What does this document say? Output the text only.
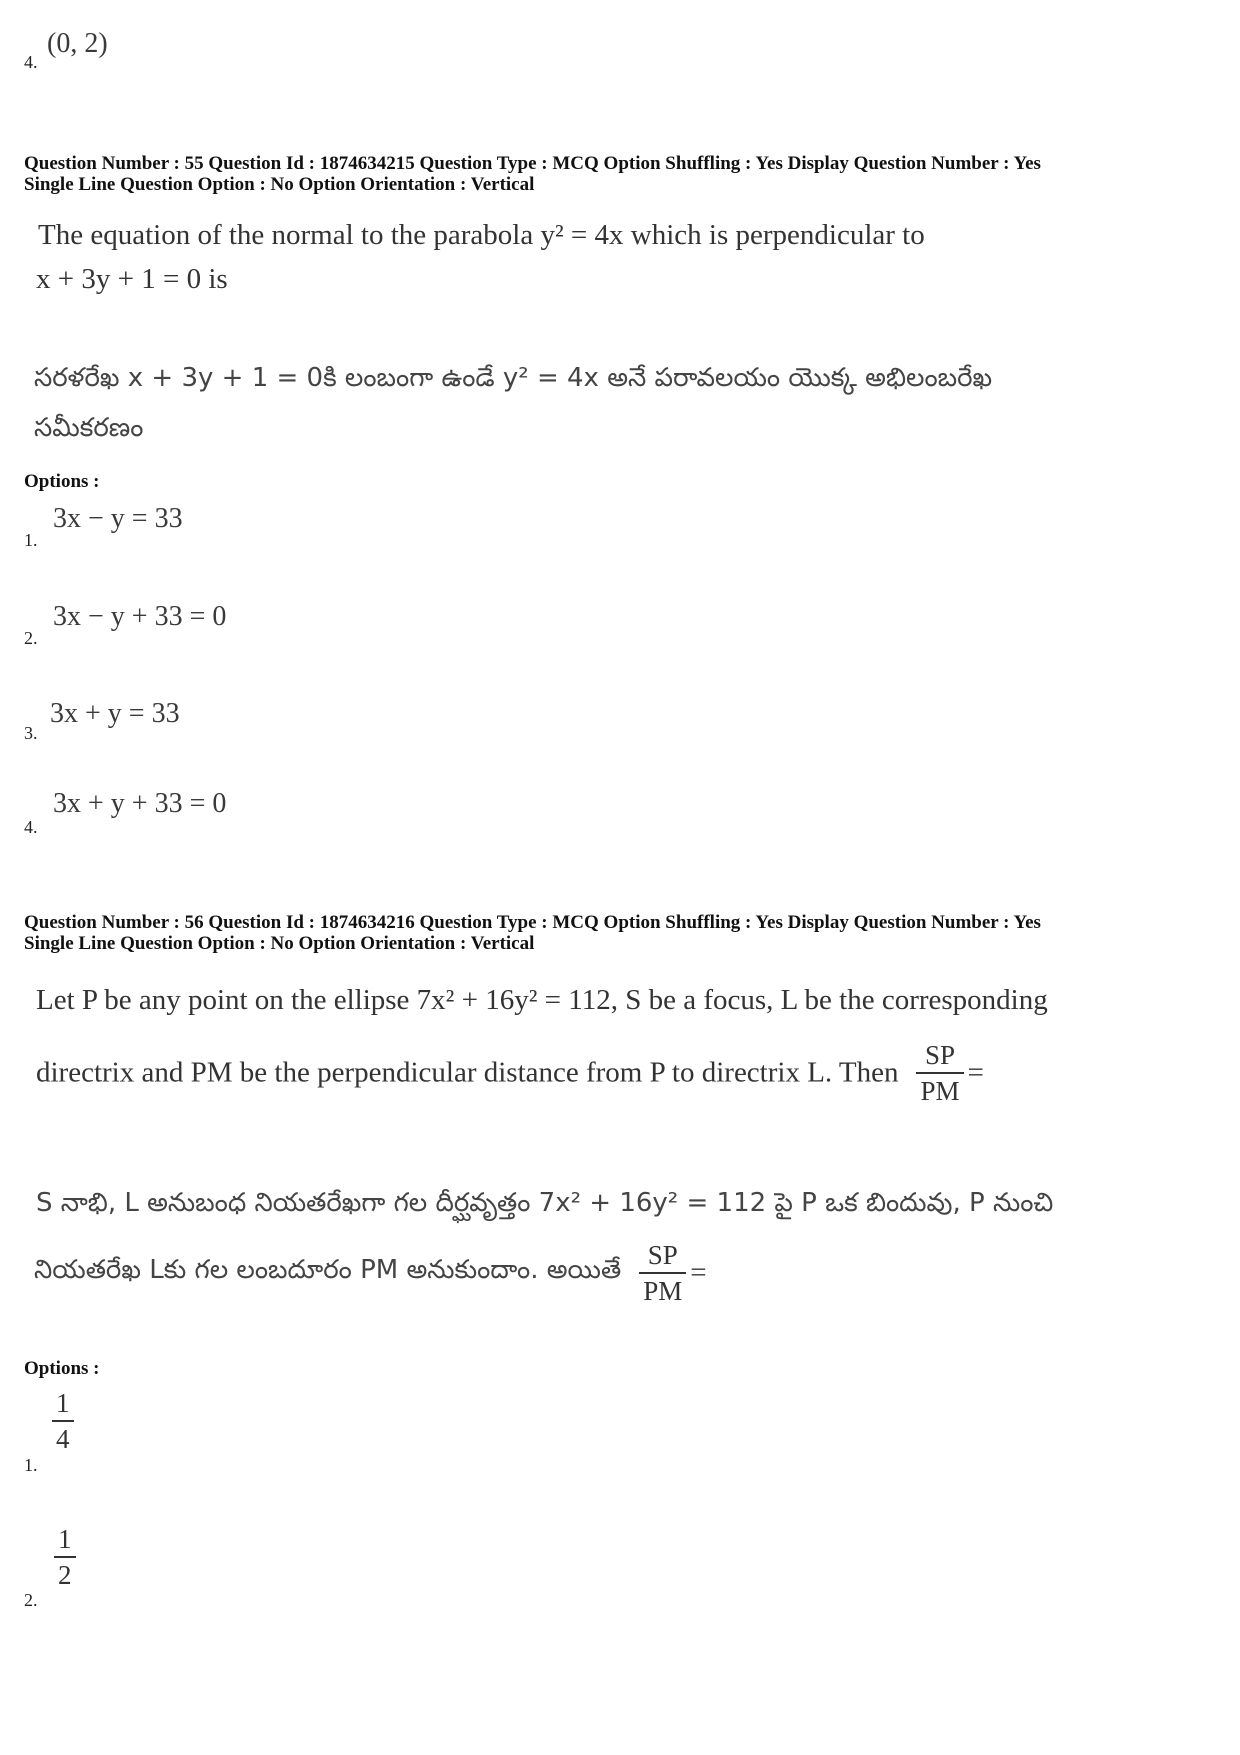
4.
(0, 2)
Question Number : 55 Question Id : 1874634215 Question Type : MCQ Option Shuffling : Yes Display Question Number : Yes
Single Line Question Option : No Option Orientation : Vertical
The equation of the normal to the parabola y² = 4x which is perpendicular to
x + 3y + 1 = 0 is
సరళరేఖ x + 3y + 1 = 0కి లంబంగా ఉండే y² = 4x అనే పరావలయం యొక్క అభిలంబరేఖ
సమీకరణం
Options :
1.
3x − y = 33
2.
3x − y + 33 = 0
3.
3x + y = 33
4.
3x + y + 33 = 0
Question Number : 56 Question Id : 1874634216 Question Type : MCQ Option Shuffling : Yes Display Question Number : Yes
Single Line Question Option : No Option Orientation : Vertical
Let P be any point on the ellipse 7x² + 16y² = 112, S be a focus, L be the corresponding
directrix and PM be the perpendicular distance from P to directrix L. Then $\frac{SP}{PM}$ =
S నాభి, L అనుబంధ నియతరేఖగా గల దీర్ఘవృత్తం 7x² + 16y² = 112 పై P ఒక బిందువు, P నుంచి
నియతరేఖ Lకు గల లంబదూరం PM అనుకుందాం. అయితే $\frac{SP}{PM}$ =
Options :
1.
1
4
2.
1
2
